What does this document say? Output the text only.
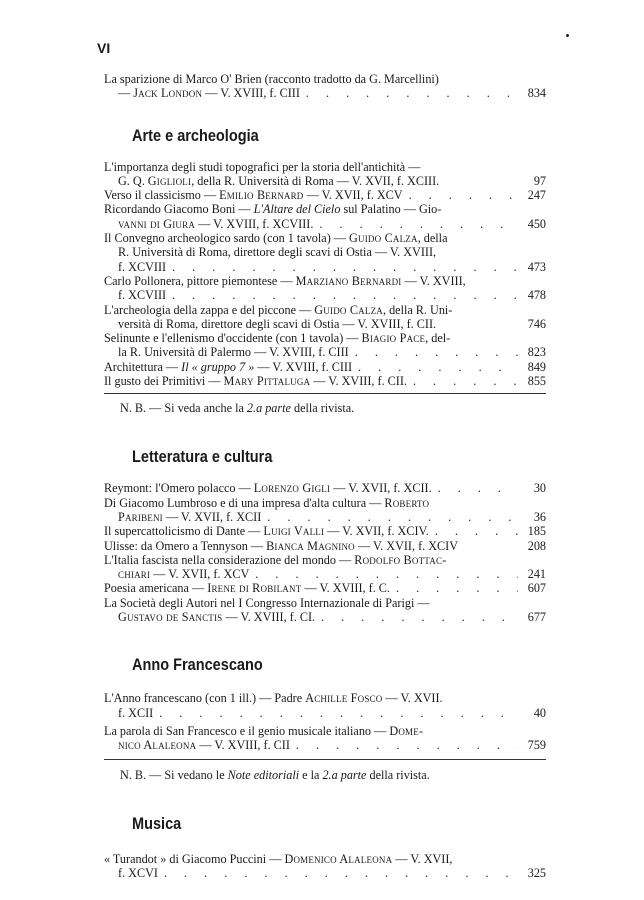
VI
La sparizione di Marco O' Brien (racconto tradotto da G. Marcellini)
— Jack London — V. XVIII, f. CIII . . .	834
Arte e archeologia
L'importanza degli studi topografici per la storia dell'antichità —
G. Q. Giglioli, della R. Università di Roma — V. XVII, f. XCIII.	97
Verso il classicismo — Emilio Bernard — V. XVII, f. XCV . . .	247
Ricordando Giacomo Boni — L'Altare del Cielo sul Palatino — Gio-
vanni di Giura — V. XVIII, f. XCVIII. . . .	450
Il Convegno archeologico sardo (con 1 tavola) — Guido Calza, della
R. Università di Roma, direttore degli scavi di Ostia — V. XVIII,
f. XCVIII . . .	473
Carlo Pollonera, pittore piemontese — Marziano Bernardi — V. XVIII,
f. XCVIII . . .	478
L'archeologia della zappa e del piccone — Guido Calza, della R. Uni-
versità di Roma, direttore degli scavi di Ostia — V. XVIII, f. CII.	746
Selinunte e l'ellenismo d'occidente (con 1 tavola) — Biagio Pace, del-
la R. Università di Palermo — V. XVIII, f. CIII . . .	823
Architettura — Il « gruppo 7 » — V. XVIII, f. CIII . . .	849
Il gusto dei Primitivi — Mary Pittaluga — V. XVIII, f. CII. . . .	855
N. B. — Si veda anche la 2.a parte della rivista.
Letteratura e cultura
Reymont: l'Omero polacco — Lorenzo Gigli — V. XVII, f. XCII. . . .	30
Di Giacomo Lumbroso e di una impresa d'alta cultura — Roberto
Paribeni — V. XVII, f. XCII . . .	36
Il supercattolicismo di Dante — Luigi Valli — V. XVII, f. XCIV. . . .	185
Ulisse: da Omero a Tennyson — Bianca Magnino — V. XVII, f. XCIV	208
L'Italia fascista nella considerazione del mondo — Rodolfo Bottac-
chiari — V. XVII, f. XCV . . .	241
Poesia americana — Irene di Robilant — V. XVIII, f. C. . . .	607
La Società degli Autori nel I Congresso Internazionale di Parigi —
Gustavo de Sanctis — V. XVIII, f. CI. . . .	677
Anno Francescano
L'Anno francescano (con 1 ill.) — Padre Achille Fosco — V. XVII.
f. XCII . . .	40
La parola di San Francesco e il genio musicale italiano — Dome-
nico Alaleona — V. XVIII, f. CII . . .	759
N. B. — Si vedano le Note editoriali e la 2.a parte della rivista.
Musica
« Turandot » di Giacomo Puccini — Domenico Alaleona — V. XVII,
f. XCVI . . .	325
